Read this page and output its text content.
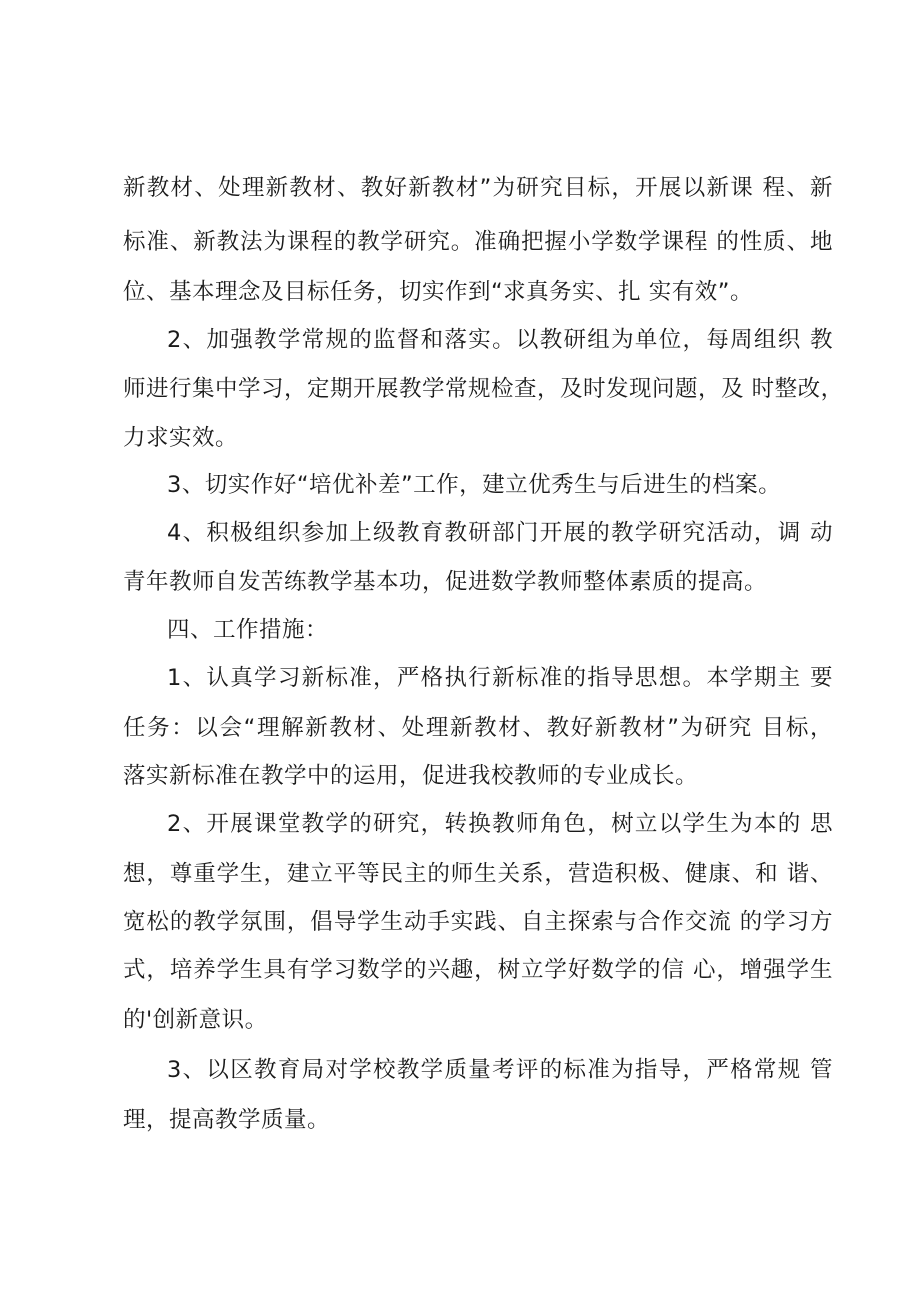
新教材、处理新教材、教好新教材”为研究目标，开展以新课 程、新
标准、新教法为课程的教学研究。准确把握小学数学课程 的性质、地
位、基本理念及目标任务，切实作到“求真务实、扎 实有效”。
2、加强教学常规的监督和落实。以教研组为单位，每周组织 教
师进行集中学习，定期开展教学常规检查，及时发现问题，及 时整改，
力求实效。
3、切实作好“培优补差”工作，建立优秀生与后进生的档案。
4、积极组织参加上级教育教研部门开展的教学研究活动，调 动
青年教师自发苦练教学基本功，促进数学教师整体素质的提高。
四、工作措施：
1、认真学习新标准，严格执行新标准的指导思想。本学期主 要
任务：以会“理解新教材、处理新教材、教好新教材”为研究 目标，
落实新标准在教学中的运用，促进我校教师的专业成长。
2、开展课堂教学的研究，转换教师角色，树立以学生为本的 思
想，尊重学生，建立平等民主的师生关系，营造积极、健康、和 谐、
宽松的教学氛围，倡导学生动手实践、自主探索与合作交流 的学习方
式，培养学生具有学习数学的兴趣，树立学好数学的信 心，增强学生
的'创新意识。
3、以区教育局对学校教学质量考评的标准为指导，严格常规 管
理，提高教学质量。
